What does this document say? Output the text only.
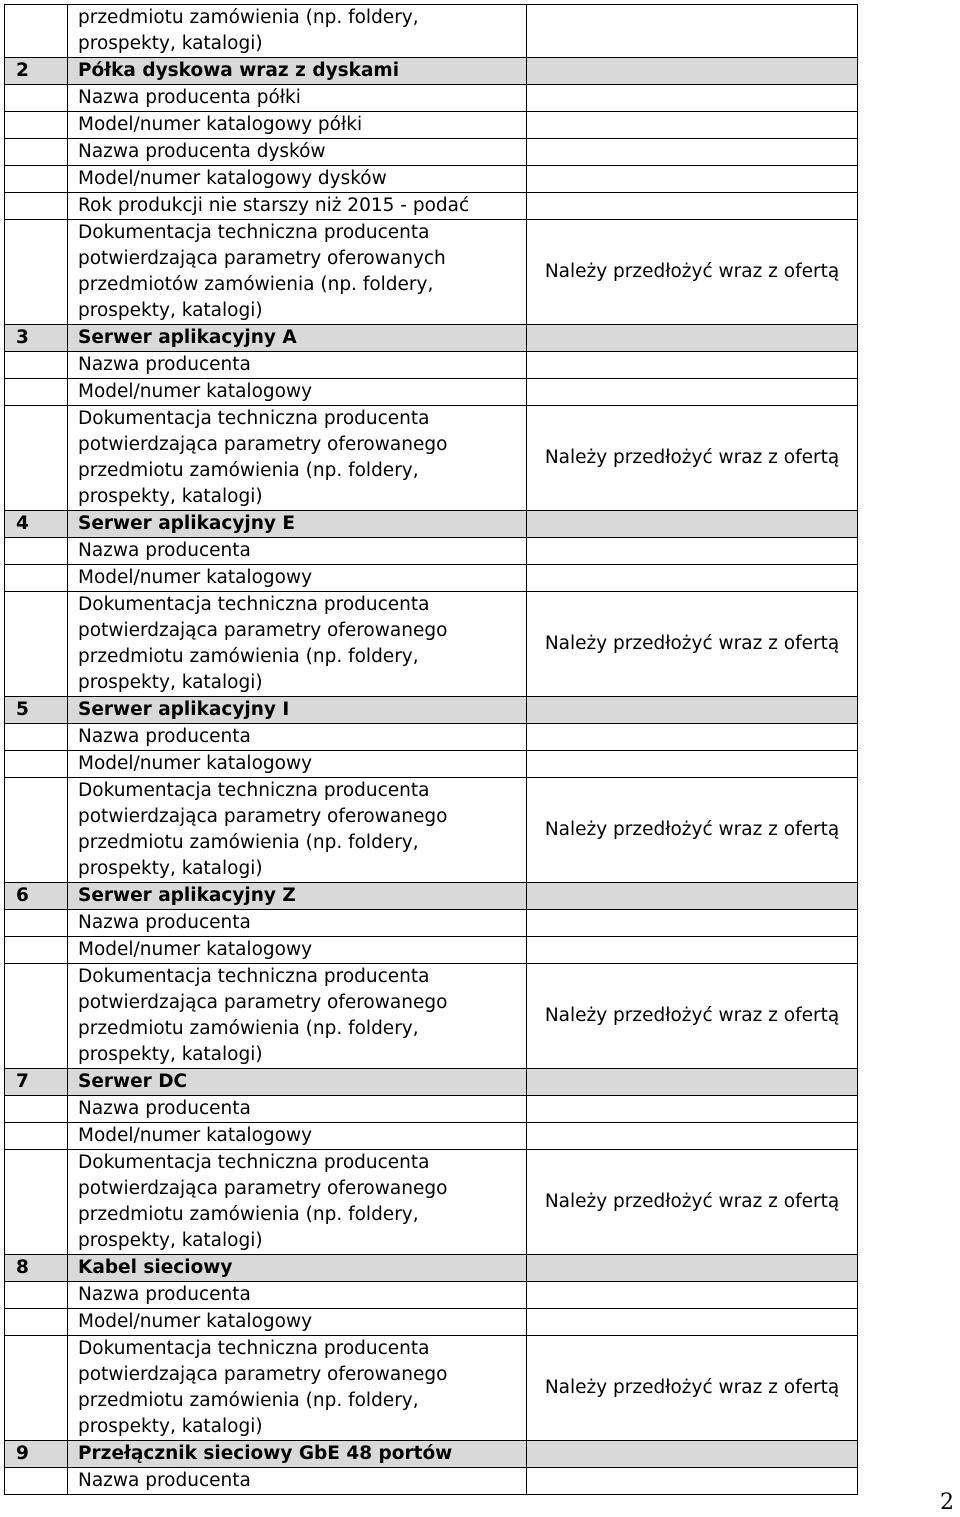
	przedmiotu zamówienia (np. foldery,
prospekty, katalogi)	

2	Półka dyskowa wraz z dyskami	
	Nazwa producenta półki	
	Model/numer katalogowy półki	
	Nazwa producenta dysków	
	Model/numer katalogowy dysków	
	Rok produkcji nie starszy niż 2015 - podać	

	Dokumentacja techniczna producenta
potwierdzająca parametry oferowanych
przedmiotów zamówienia (np. foldery,
prospekty, katalogi)	Należy przedłożyć wraz z ofertą
3	Serwer aplikacyjny A	
	Nazwa producenta	
	Model/numer katalogowy	

	Dokumentacja techniczna producenta
potwierdzająca parametry oferowanego
przedmiotu zamówienia (np. foldery,
prospekty, katalogi)	Należy przedłożyć wraz z ofertą
4	Serwer aplikacyjny E	
	Nazwa producenta	
	Model/numer katalogowy	

	Dokumentacja techniczna producenta
potwierdzająca parametry oferowanego
przedmiotu zamówienia (np. foldery,
prospekty, katalogi)	Należy przedłożyć wraz z ofertą
5	Serwer aplikacyjny I	
	Nazwa producenta	
	Model/numer katalogowy	

	Dokumentacja techniczna producenta
potwierdzająca parametry oferowanego
przedmiotu zamówienia (np. foldery,
prospekty, katalogi)	Należy przedłożyć wraz z ofertą
6	Serwer aplikacyjny Z	
	Nazwa producenta	
	Model/numer katalogowy	

	Dokumentacja techniczna producenta
potwierdzająca parametry oferowanego
przedmiotu zamówienia (np. foldery,
prospekty, katalogi)	Należy przedłożyć wraz z ofertą
7	Serwer DC	
	Nazwa producenta	
	Model/numer katalogowy	

	Dokumentacja techniczna producenta
potwierdzająca parametry oferowanego
przedmiotu zamówienia (np. foldery,
prospekty, katalogi)	Należy przedłożyć wraz z ofertą
8	Kabel sieciowy	
	Nazwa producenta	
	Model/numer katalogowy	

	Dokumentacja techniczna producenta
potwierdzająca parametry oferowanego
przedmiotu zamówienia (np. foldery,
prospekty, katalogi)	Należy przedłożyć wraz z ofertą
9	Przełącznik sieciowy GbE 48 portów	
	Nazwa producenta	
2
